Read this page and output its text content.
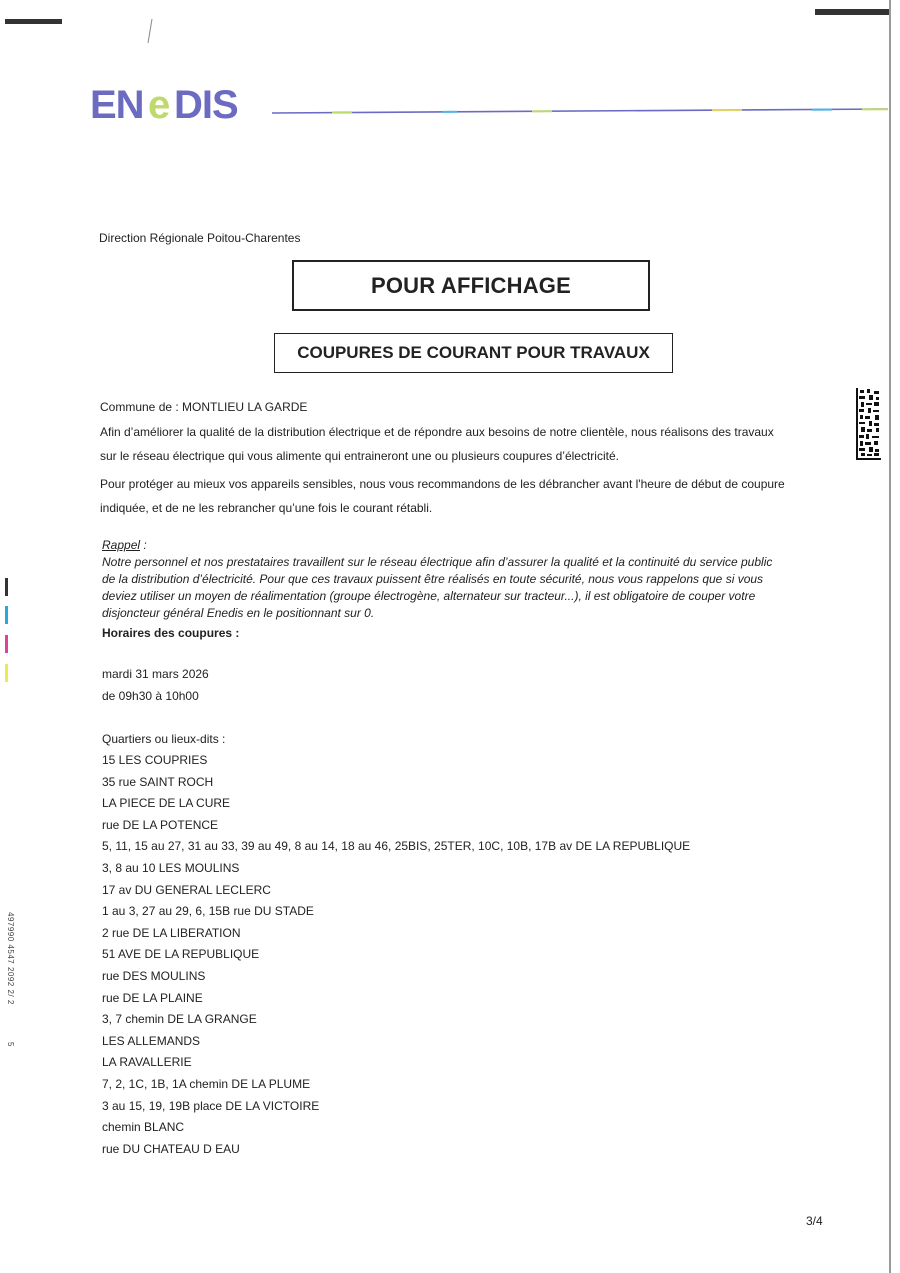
EN e DIS
Direction Régionale Poitou-Charentes
POUR AFFICHAGE
COUPURES DE COURANT POUR TRAVAUX
Commune de : MONTLIEU LA GARDE
Afin d’améliorer la qualité de la distribution électrique et de répondre aux besoins de notre clientèle, nous réalisons des travaux
sur le réseau électrique qui vous alimente qui entraineront une ou plusieurs coupures d’électricité.
Pour protéger au mieux vos appareils sensibles, nous vous recommandons de les débrancher avant l'heure de début de coupure
indiquée, et de ne les rebrancher qu’une fois le courant rétabli.
Rappel :
Notre personnel et nos prestataires travaillent sur le réseau électrique afin d’assurer la qualité et la continuité du service public
de la distribution d’électricité. Pour que ces travaux puissent être réalisés en toute sécurité, nous vous rappelons que si vous
deviez utiliser un moyen de réalimentation (groupe électrogène, alternateur sur tracteur...), il est obligatoire de couper votre
disjoncteur général Enedis en le positionnant sur 0.
Horaires des coupures :
mardi 31 mars 2026
de 09h30 à 10h00
Quartiers ou lieux-dits :
15 LES COUPRIES
35 rue SAINT ROCH
LA PIECE DE LA CURE
rue DE LA POTENCE
5, 11, 15 au 27, 31 au 33, 39 au 49, 8 au 14, 18 au 46, 25BIS, 25TER, 10C, 10B, 17B av DE LA REPUBLIQUE
3, 8 au 10 LES MOULINS
17 av DU GENERAL LECLERC
1 au 3, 27 au 29, 6, 15B rue DU STADE
2 rue DE LA LIBERATION
51 AVE DE LA REPUBLIQUE
rue DES MOULINS
rue DE LA PLAINE
3, 7 chemin DE LA GRANGE
LES ALLEMANDS
LA RAVALLERIE
7, 2, 1C, 1B, 1A chemin DE LA PLUME
3 au 15, 19, 19B place DE LA VICTOIRE
chemin BLANC
rue DU CHATEAU D EAU
497990 4547 2092 2/ 2
5
3/4
